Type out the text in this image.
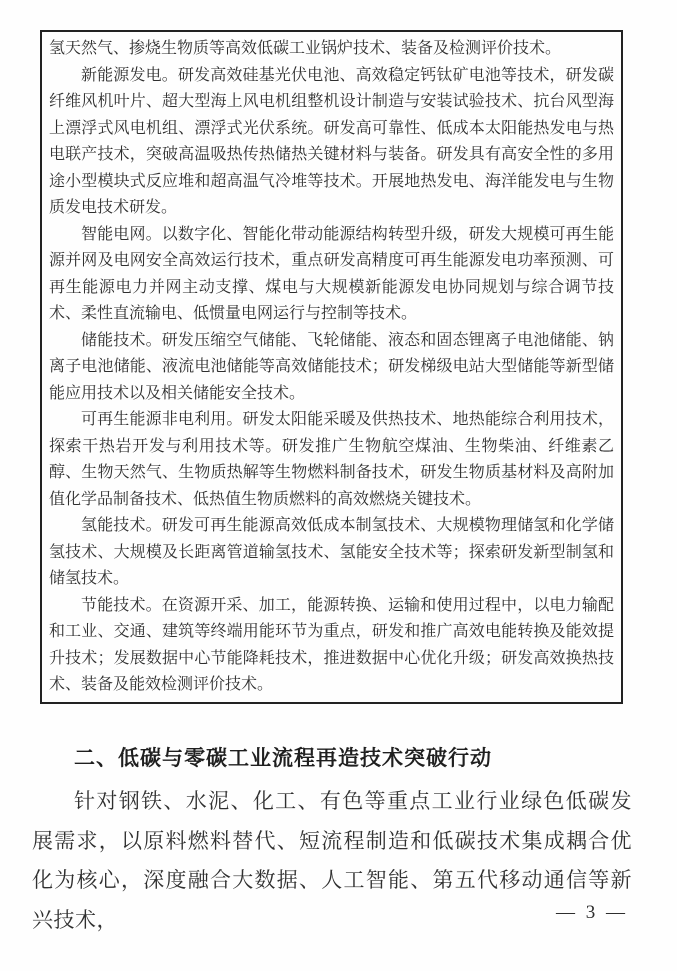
氢天然气、掺烧生物质等高效低碳工业锅炉技术、装备及检测评价技术。

新能源发电。研发高效硅基光伏电池、高效稳定钙钛矿电池等技术，研发碳纤维风机叶片、超大型海上风电机组整机设计制造与安装试验技术、抗台风型海上漂浮式风电机组、漂浮式光伏系统。研发高可靠性、低成本太阳能热发电与热电联产技术，突破高温吸热传热储热关键材料与装备。研发具有高安全性的多用途小型模块式反应堆和超高温气冷堆等技术。开展地热发电、海洋能发电与生物质发电技术研发。

智能电网。以数字化、智能化带动能源结构转型升级，研发大规模可再生能源并网及电网安全高效运行技术，重点研发高精度可再生能源发电功率预测、可再生能源电力并网主动支撑、煤电与大规模新能源发电协同规划与综合调节技术、柔性直流输电、低惯量电网运行与控制等技术。

储能技术。研发压缩空气储能、飞轮储能、液态和固态锂离子电池储能、钠离子电池储能、液流电池储能等高效储能技术；研发梯级电站大型储能等新型储能应用技术以及相关储能安全技术。

可再生能源非电利用。研发太阳能采暖及供热技术、地热能综合利用技术，探索干热岩开发与利用技术等。研发推广生物航空煤油、生物柴油、纤维素乙醇、生物天然气、生物质热解等生物燃料制备技术，研发生物质基材料及高附加值化学品制备技术、低热值生物质燃料的高效燃烧关键技术。

氢能技术。研发可再生能源高效低成本制氢技术、大规模物理储氢和化学储氢技术、大规模及长距离管道输氢技术、氢能安全技术等；探索研发新型制氢和储氢技术。

节能技术。在资源开采、加工，能源转换、运输和使用过程中，以电力输配和工业、交通、建筑等终端用能环节为重点，研发和推广高效电能转换及能效提升技术；发展数据中心节能降耗技术，推进数据中心优化升级；研发高效换热技术、装备及能效检测评价技术。

二、低碳与零碳工业流程再造技术突破行动

针对钢铁、水泥、化工、有色等重点工业行业绿色低碳发展需求，以原料燃料替代、短流程制造和低碳技术集成耦合优化为核心，深度融合大数据、人工智能、第五代移动通信等新兴技术，	— 3 —
